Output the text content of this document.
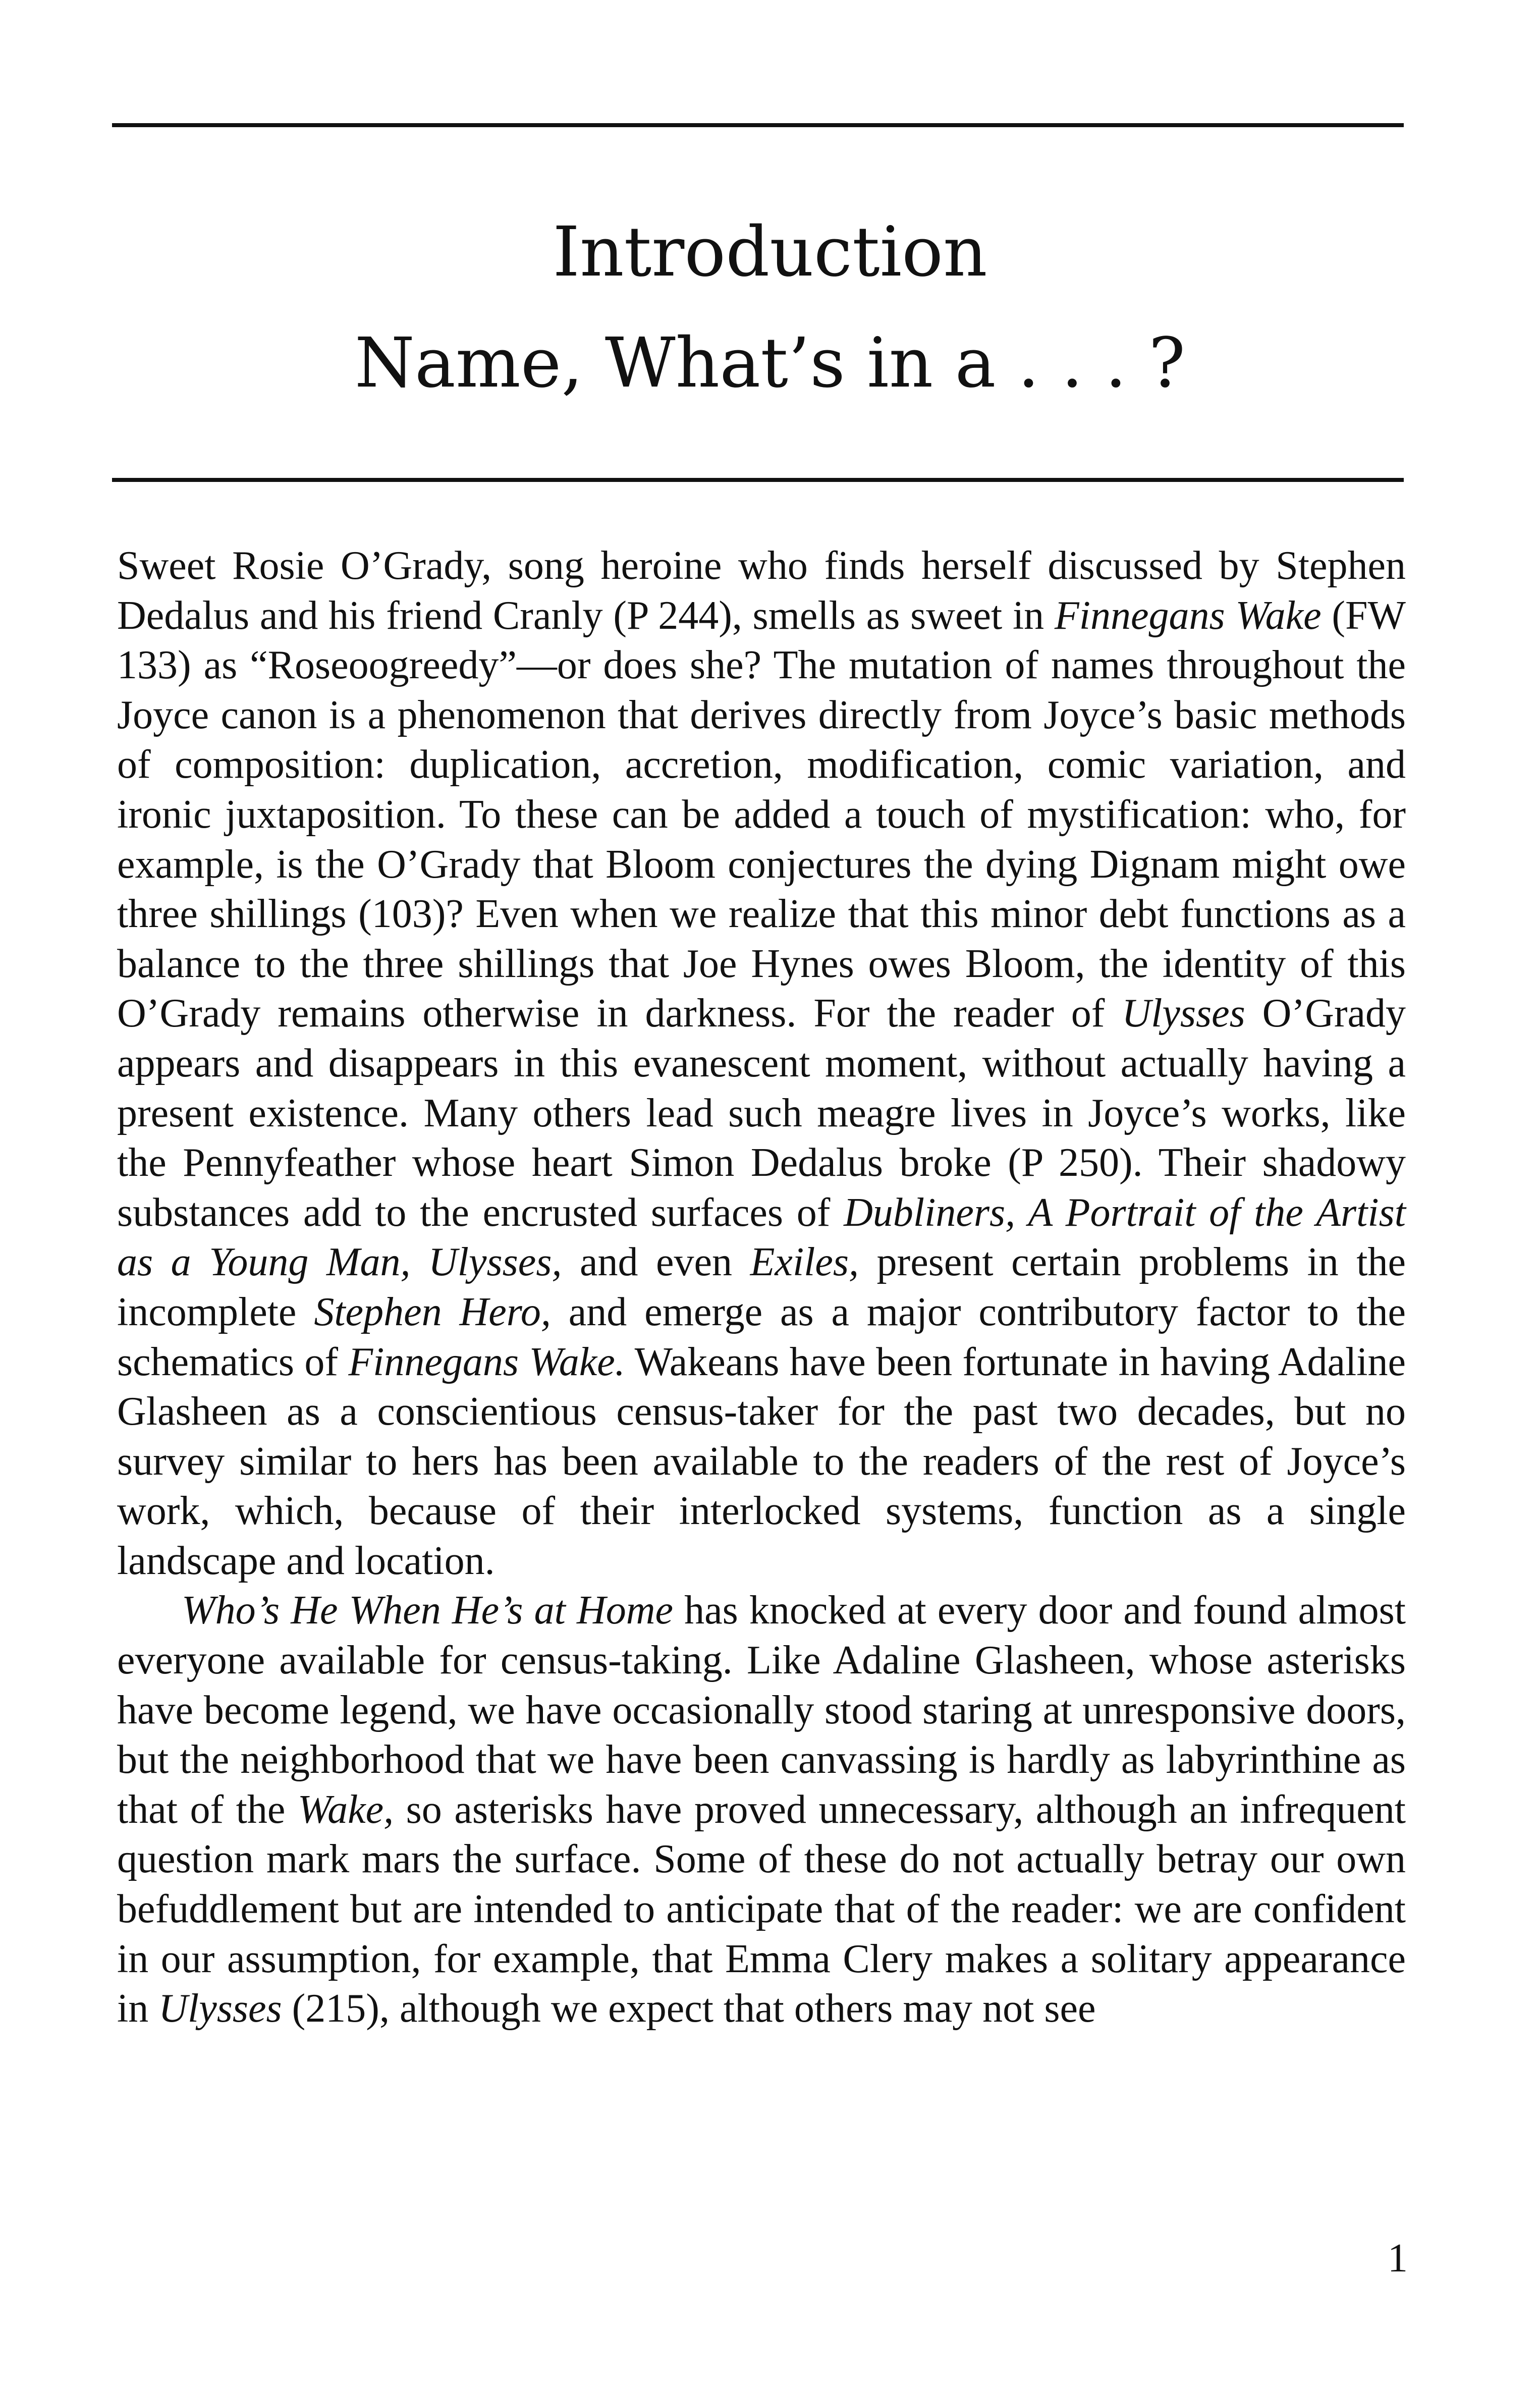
Introduction
Name, What’s in a . . . ?

Sweet Rosie O’Grady, song heroine who finds herself discussed by Stephen Dedalus and his friend Cranly (P 244), smells as sweet in Finnegans Wake (FW 133) as “Roseoogreedy”—or does she? The mutation of names throughout the Joyce canon is a phenomenon that derives directly from Joyce’s basic methods of composition: duplication, accretion, modification, comic variation, and ironic juxtaposition. To these can be added a touch of mystification: who, for example, is the O’Grady that Bloom conjectures the dying Dignam might owe three shillings (103)? Even when we realize that this minor debt functions as a balance to the three shillings that Joe Hynes owes Bloom, the identity of this O’Grady remains otherwise in darkness. For the reader of Ulysses O’Grady appears and disappears in this evanescent moment, without actually having a present existence. Many others lead such meagre lives in Joyce’s works, like the Pennyfeather whose heart Simon Dedalus broke (P 250). Their shadowy substances add to the encrusted surfaces of Dubliners, A Portrait of the Artist as a Young Man, Ulysses, and even Exiles, present certain problems in the incomplete Stephen Hero, and emerge as a major contributory factor to the schematics of Finnegans Wake. Wakeans have been fortunate in having Adaline Glasheen as a conscientious census-taker for the past two decades, but no survey similar to hers has been available to the readers of the rest of Joyce’s work, which, because of their interlocked systems, function as a single landscape and location.

Who’s He When He’s at Home has knocked at every door and found almost everyone available for census-taking. Like Adaline Glasheen, whose asterisks have become legend, we have occasionally stood staring at unresponsive doors, but the neighborhood that we have been canvassing is hardly as labyrinthine as that of the Wake, so asterisks have proved unnecessary, although an infrequent question mark mars the surface. Some of these do not actually betray our own befuddlement but are intended to anticipate that of the reader: we are confident in our assumption, for example, that Emma Clery makes a solitary appearance in Ulysses (215), although we expect that others may not see

1
